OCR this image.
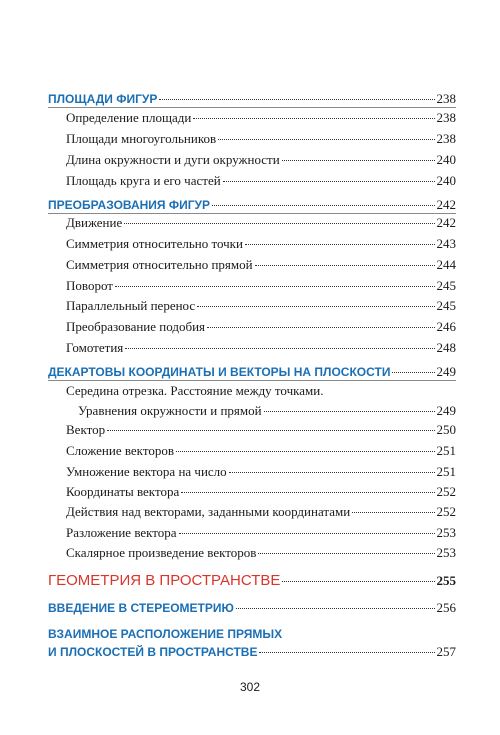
ПЛОЩАДИ ФИГУР	238
Определение площади	238
Площади многоугольников	238
Длина окружности и дуги окружности	240
Площадь круга и его частей	240
ПРЕОБРАЗОВАНИЯ ФИГУР	242
Движение	242
Симметрия относительно точки	243
Симметрия относительно прямой	244
Поворот	245
Параллельный перенос	245
Преобразование подобия	246
Гомотетия	248
ДЕКАРТОВЫ КООРДИНАТЫ И ВЕКТОРЫ НА ПЛОСКОСТИ	249
Середина отрезка. Расстояние между точками.
Уравнения окружности и прямой	249
Вектор	250
Сложение векторов	251
Умножение вектора на число	251
Координаты вектора	252
Действия над векторами, заданными координатами	252
Разложение вектора	253
Скалярное произведение векторов	253
ГЕОМЕТРИЯ В ПРОСТРАНСТВЕ	255
ВВЕДЕНИЕ В СТЕРЕОМЕТРИЮ	256
ВЗАИМНОЕ РАСПОЛОЖЕНИЕ ПРЯМЫХ
И ПЛОСКОСТЕЙ В ПРОСТРАНСТВЕ	257
302
